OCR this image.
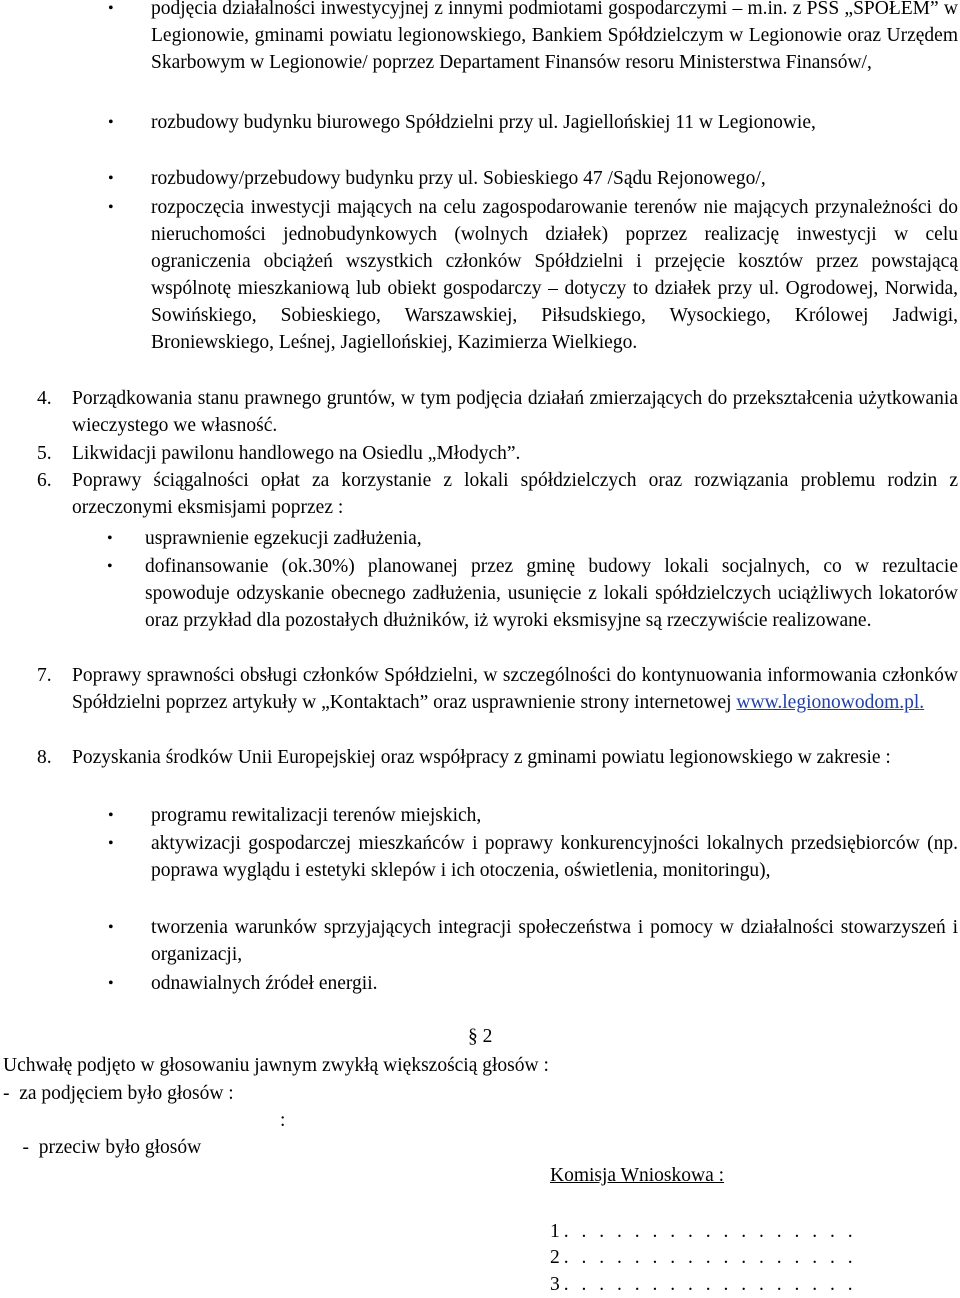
• podjęcia działalności inwestycyjnej z innymi podmiotami gospodarczymi – m.in. z PSS „SPOŁEM” w Legionowie, gminami powiatu legionowskiego, Bankiem Spółdzielczym w Legionowie oraz Urzędem Skarbowym w Legionowie/ poprzez Departament Finansów resoru Ministerstwa Finansów/,

• rozbudowy budynku biurowego Spółdzielni przy ul. Jagiellońskiej 11 w Legionowie,

• rozbudowy/przebudowy budynku przy ul. Sobieskiego 47 /Sądu Rejonowego/,

• rozpoczęcia inwestycji mających na celu zagospodarowanie terenów nie mających przynależności do nieruchomości jednobudynkowych (wolnych działek) poprzez realizację inwestycji w celu ograniczenia obciążeń wszystkich członków Spółdzielni i przejęcie kosztów przez powstającą wspólnotę mieszkaniową lub obiekt gospodarczy – dotyczy to działek przy ul. Ogrodowej, Norwida, Sowińskiego, Sobieskiego, Warszawskiej, Piłsudskiego, Wysockiego, Królowej Jadwigi, Broniewskiego, Leśnej, Jagiellońskiej, Kazimierza Wielkiego.

4. Porządkowania stanu prawnego gruntów, w tym podjęcia działań zmierzających do przekształcenia użytkowania wieczystego we własność.

5. Likwidacji pawilonu handlowego na Osiedlu „Młodych”.

6. Poprawy ściągalności opłat za korzystanie z lokali spółdzielczych oraz rozwiązania problemu rodzin z orzeczonymi eksmisjami poprzez :

• usprawnienie egzekucji zadłużenia,

• dofinansowanie (ok.30%) planowanej przez gminę budowy lokali socjalnych, co w rezultacie spowoduje odzyskanie obecnego zadłużenia, usunięcie z lokali spółdzielczych uciążliwych lokatorów oraz przykład dla pozostałych dłużników, iż wyroki eksmisyjne są rzeczywiście realizowane.

7. Poprawy sprawności obsługi członków Spółdzielni, w szczególności do kontynuowania informowania członków Spółdzielni poprzez artykuły w „Kontaktach” oraz usprawnienie strony internetowej www.legionowodom.pl.

8. Pozyskania środków Unii Europejskiej oraz współpracy z gminami powiatu legionowskiego w zakresie :

• programu rewitalizacji terenów miejskich,

• aktywizacji gospodarczej mieszkańców i poprawy konkurencyjności lokalnych przedsiębiorców (np. poprawa wyglądu i estetyki sklepów i ich otoczenia, oświetlenia, monitoringu),

• tworzenia warunków sprzyjających integracji społeczeństwa i pomocy w działalności stowarzyszeń i organizacji,

• odnawialnych źródeł energii.

§ 2
Uchwałę podjęto w głosowaniu jawnym zwykłą większością głosów :
-  za podjęciem było głosów :

-  przeciw było głosów

:

Komisja Wnioskowa :
1. . . . . . . . . . . . . . . . .
2. . . . . . . . . . . . . . . . .
3. . . . . . . . . . . . . . . . .
